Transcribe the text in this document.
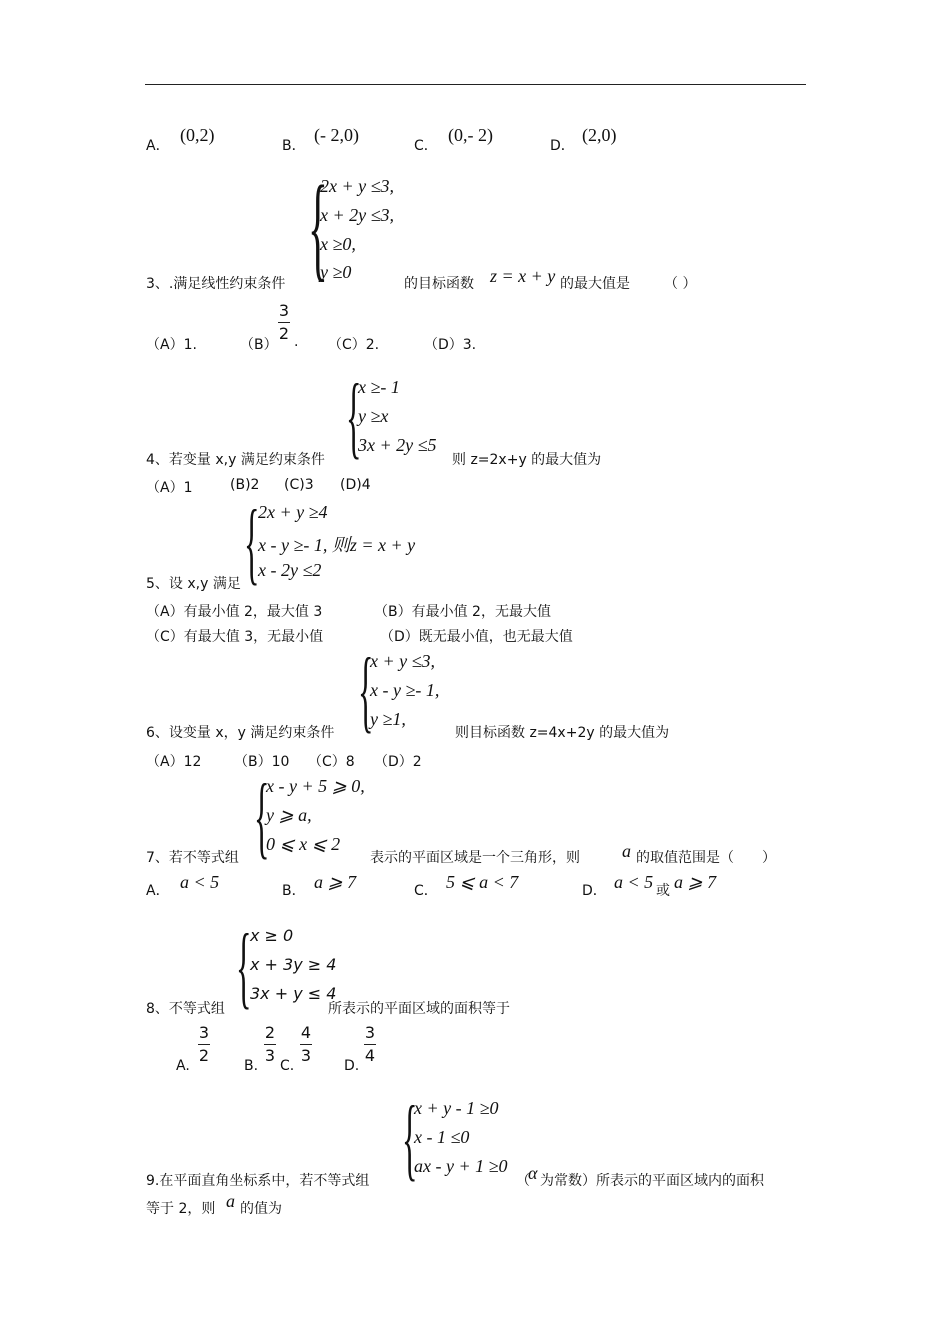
A．
(0,2)
B．
(- 2,0)
C．
(0,- 2)
D．
(2,0)
{
2x + y ≤3,
x + 2y ≤3,
x ≥0,
y ≥0
3、.满足线性约束条件	的目标函数 z = x + y 的最大值是 （ ）
（A）1.	（B）
3
2 . （C）2.	（D）3.
{
x ≥- 1
y ≥x
3x + 2y ≤5
4、若变量 x,y 满足约束条件	则 z=2x+y 的最大值为
（A）1	(B)2 (C)3 (D)4
{
2x + y ≥4
x - y ≥- 1, 则z = x + y
x - 2y ≤2
5、设 x,y 满足
（A）有最小值 2，最大值 3	（B）有最小值 2，无最大值
（C）有最大值 3，无最小值	（D）既无最小值，也无最大值
{
x + y ≤3,
x - y ≥- 1,
y ≥1,
6、设变量 x，y 满足约束条件	则目标函数 z=4x+2y 的最大值为
（A）12 （B）10 （C）8 （D）2
{
x - y + 5 ⩾ 0,
y ⩾ a,
0 ⩽ x ⩽ 2
7、若不等式组	表示的平面区域是一个三角形，则 a 的取值范围是（　　）
A． a < 5	B． a ⩾ 7	C． 5 ⩽ a < 7	D． a < 5 或 a ⩾ 7
{
x ≥ 0
x + 3y ≥ 4
3x + y ≤ 4
8、不等式组	所表示的平面区域的面积等于
A.
3
2
B.
2
3
C.
4
3
D.
3
4
{
x + y - 1 ≥0
x - 1 ≤0
ax - y + 1 ≥0
9.在平面直角坐标系中，若不等式组	（
α 为常数）所表示的平面区域内的面积
等于 2，则 a 的值为
